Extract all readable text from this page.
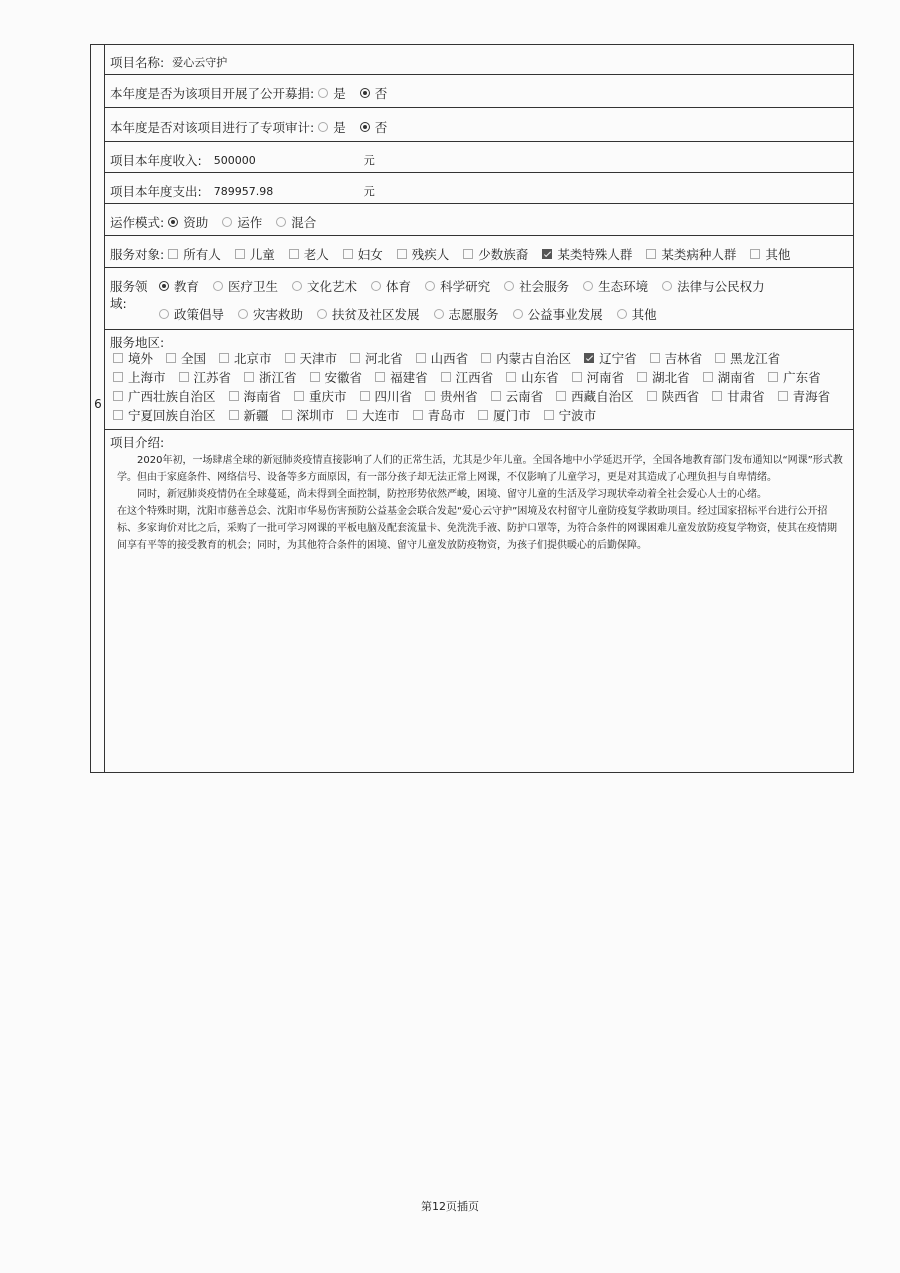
6
项目名称: 爱心云守护
本年度是否为该项目开展了公开募捐: 是 否
本年度是否对该项目进行了专项审计: 是 否
项目本年度收入: 500000	元
项目本年度支出: 789957.98	元
运作模式: 资助 运作 混合
服务对象: 所有人 儿童 老人 妇女 残疾人 少数族裔 某类特殊人群 某类病种人群 其他
服务领
域:
教育 医疗卫生 文化艺术 体育 科学研究 社会服务 生态环境 法律与公民权力
政策倡导 灾害救助 扶贫及社区发展 志愿服务 公益事业发展 其他
服务地区:
境外 全国 北京市 天津市 河北省 山西省 内蒙古自治区 辽宁省 吉林省 黑龙江省
上海市 江苏省 浙江省 安徽省 福建省 江西省 山东省 河南省 湖北省 湖南省 广东省
广西壮族自治区 海南省 重庆市 四川省 贵州省 云南省 西藏自治区 陕西省 甘肃省 青海省
宁夏回族自治区 新疆 深圳市 大连市 青岛市 厦门市 宁波市
项目介绍:

2020年初，一场肆虐全球的新冠肺炎疫情直接影响了人们的正常生活，尤其是少年儿童。全国各地中小学延迟开学，全国各地教育部门发布通知以“网课”形式教学。但由于家庭条件、网络信号、设备等多方面原因，有一部分孩子却无法正常上网课，不仅影响了儿童学习，更是对其造成了心理负担与自卑情绪。

同时，新冠肺炎疫情仍在全球蔓延，尚未得到全面控制，防控形势依然严峻，困境、留守儿童的生活及学习现状牵动着全社会爱心人士的心绪。

在这个特殊时期，沈阳市慈善总会、沈阳市华易伤害预防公益基金会联合发起“爱心云守护”困境及农村留守儿童防疫复学救助项目。经过国家招标平台进行公开招标、多家询价对比之后，采购了一批可学习网课的平板电脑及配套流量卡、免洗洗手液、防护口罩等，为符合条件的网课困难儿童发放防疫复学物资，使其在疫情期间享有平等的接受教育的机会；同时，为其他符合条件的困境、留守儿童发放防疫物资，为孩子们提供暖心的后勤保障。

第12页插页
